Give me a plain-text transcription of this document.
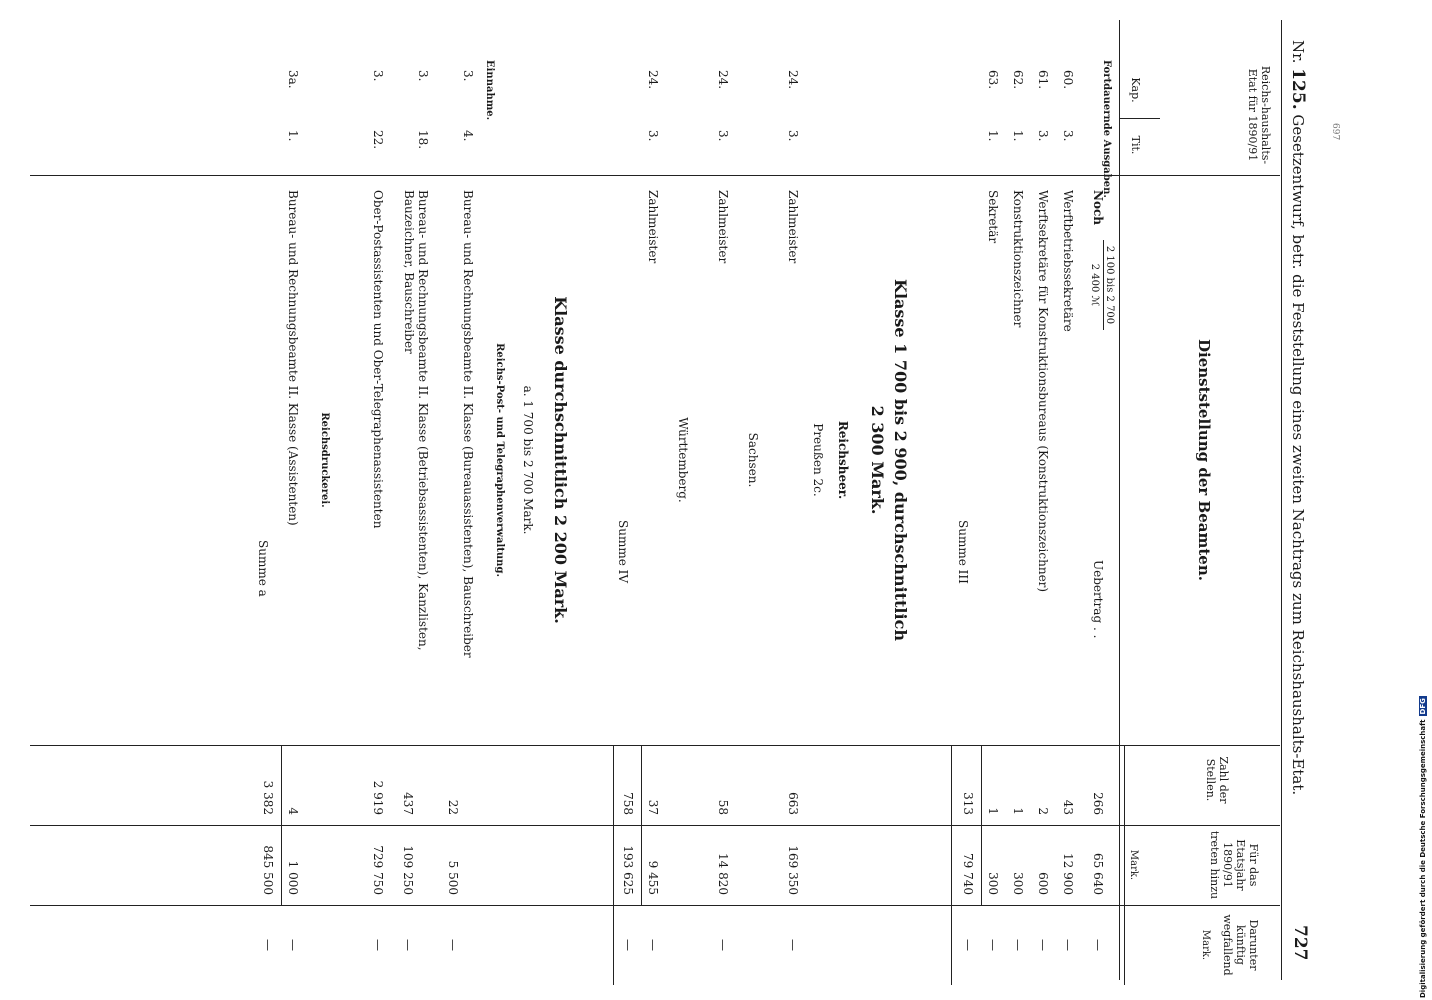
Nr. 125. Gesetzentwurf, betr. die Feststellung eines zweiten Nachtrags zum Reichshaushalts-Etat.
727
Reichs-haushalts-Etat für 1890/91
Kap.
Tit.
Dienststellung der Beamten.
Zahl der Stellen.
Für das Etatsjahr 1890/91 treten hinzu
Mark.
Darunter künftig wegfallend
Mark.
Fortdauernde Ausgaben.
Noch
2 100 bis 2 700
2 400 ℳ
Uebertrag . .
266
65 640
—
60.
3.
Werftbetriebssekretäre
43
12 900
—
61.
3.
Werftsekretäre für Konstruktionsbureaus (Konstruktionszeichner)
2
600
—
62.
1.
Konstruktionszeichner
1
300
—
63.
1.
Sekretär
1
300
—
Summe III
313
79 740
—
Klasse 1 700 bis 2 900, durchschnittlich
2 300 Mark.
Reichsheer.
Preußen 2c.
24.
3.
Zahlmeister
663
169 350
—
Sachsen.
24.
3.
Zahlmeister
58
14 820
—
Württemberg.
24.
3.
Zahlmeister
37
9 455
—
Summe IV
758
193 625
—
Klasse durchschnittlich 2 200 Mark.
a. 1 700 bis 2 700 Mark.
Reichs-Post- und Telegraphenverwaltung.
Einnahme.
3.
4.
Bureau- und Rechnungsbeamte II. Klasse (Bureauassistenten), Bauschreiber
22
5 500
—
3.
18.
Bureau- und Rechnungsbeamte II. Klasse (Betriebsassistenten), Kanzlisten, Bauzeichner, Bauschreiber
437
109 250
—
3.
22.
Ober-Postassistenten und Ober-Telegraphenassistenten
2 919
729 750
—
Reichsdruckerei.
3a.
1.
Bureau- und Rechnungsbeamte II. Klasse (Assistenten)
4
1 000
—
Summe a
3 382
845 500
—
697
Digitalisierung gefördert durch die Deutsche ForschungsgemeinschaftDFG
